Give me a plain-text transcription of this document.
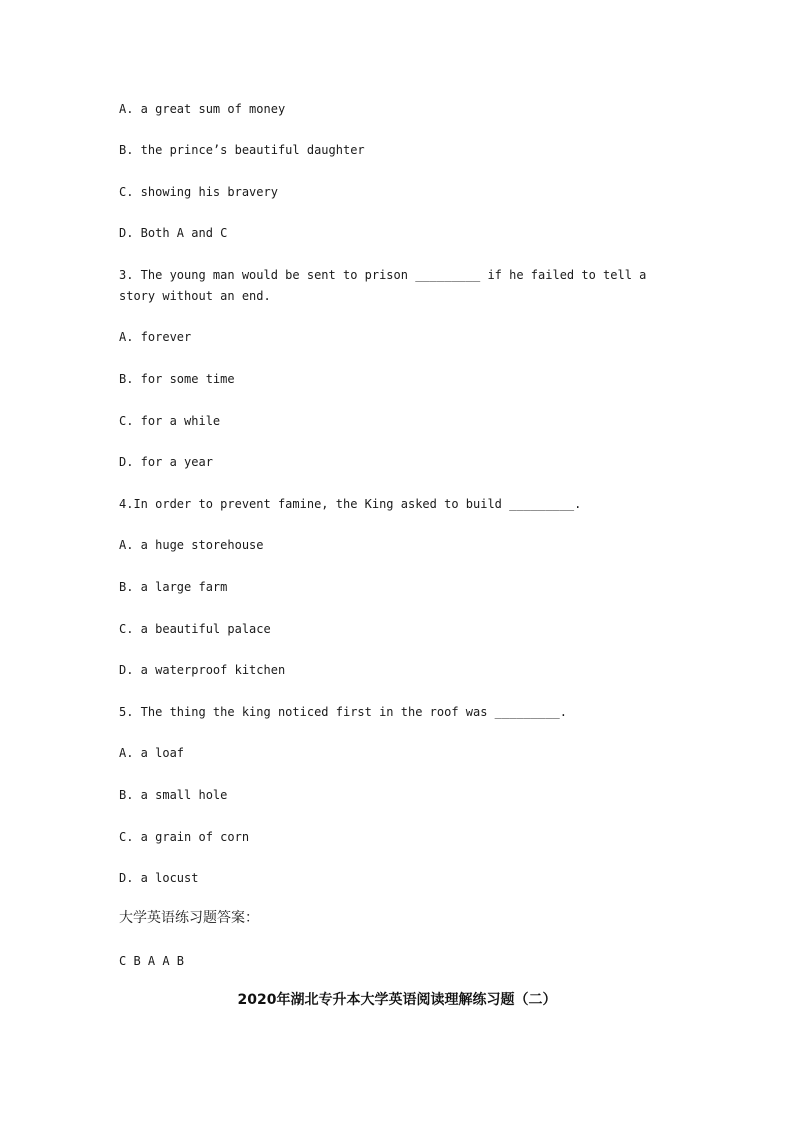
A. a great sum of money

B. the prince’s beautiful daughter

C. showing his bravery

D. Both A and C

3. The young man would be sent to prison _________ if he failed to tell a story without an end.

A. forever

B. for some time

C. for a while

D. for a year

4.In order to prevent famine, the King asked to build _________.

A. a huge storehouse

B. a large farm

C. a beautiful palace

D. a waterproof kitchen

5. The thing the king noticed first in the roof was _________.

A. a loaf

B. a small hole

C. a grain of corn

D. a locust

大学英语练习题答案：

C B A A B

2020年湖北专升本大学英语阅读理解练习题（二）
